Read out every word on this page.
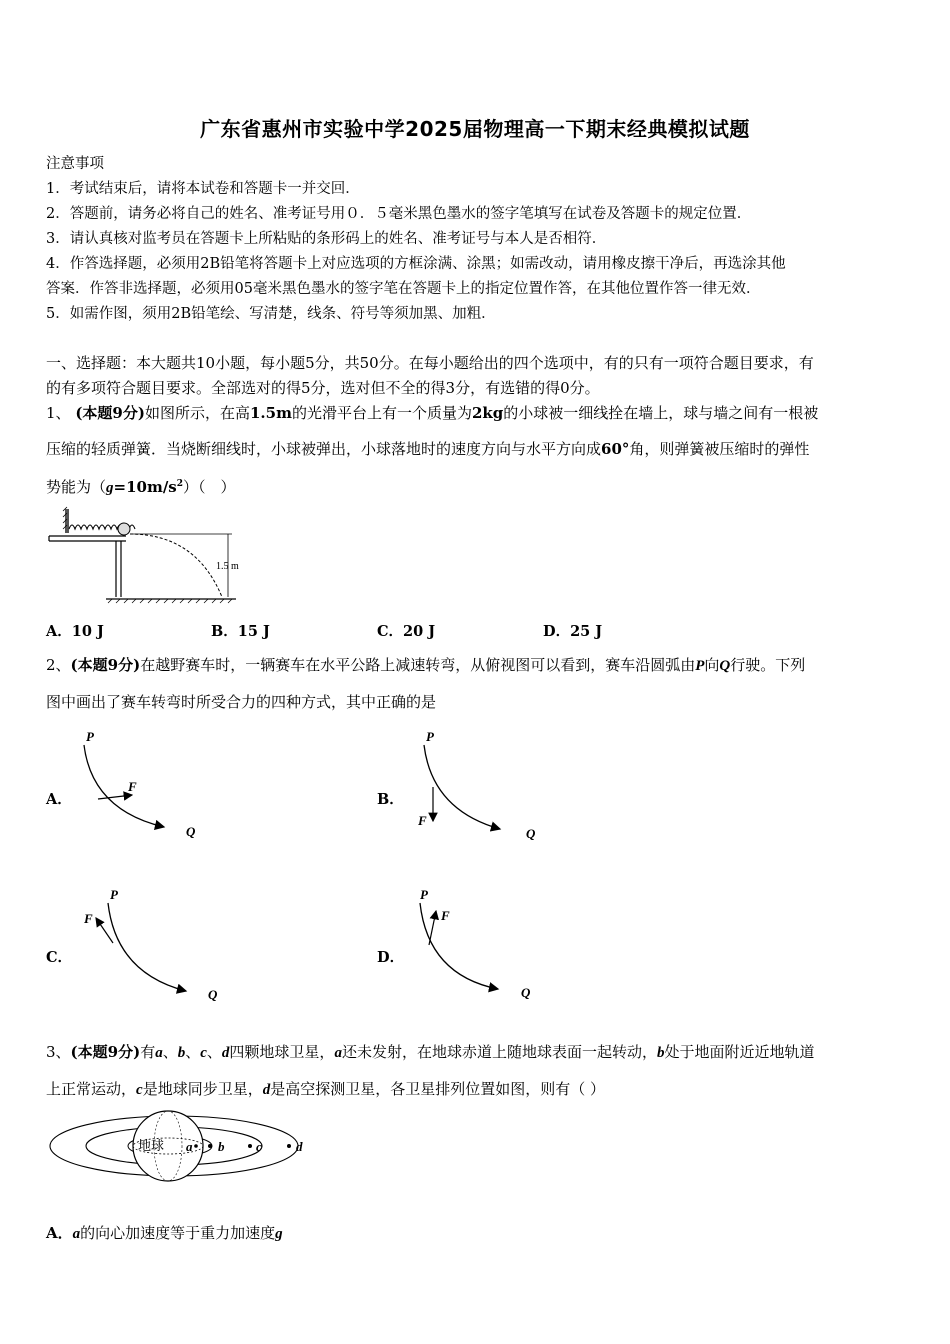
广东省惠州市实验中学2025届物理高一下期末经典模拟试题
注意事项
1．考试结束后，请将本试卷和答题卡一并交回．
2．答题前，请务必将自己的姓名、准考证号用０．５毫米黑色墨水的签字笔填写在试卷及答题卡的规定位置．
3．请认真核对监考员在答题卡上所粘贴的条形码上的姓名、准考证号与本人是否相符．
4．作答选择题，必须用2B铅笔将答题卡上对应选项的方框涂满、涂黑；如需改动，请用橡皮擦干净后，再选涂其他
答案．作答非选择题，必须用05毫米黑色墨水的签字笔在答题卡上的指定位置作答，在其他位置作答一律无效．
5．如需作图，须用2B铅笔绘、写清楚，线条、符号等须加黑、加粗．
一、选择题：本大题共10小题，每小题5分，共50分。在每小题给出的四个选项中，有的只有一项符合题目要求，有
的有多项符合题目要求。全部选对的得5分，选对但不全的得3分，有选错的得0分。
1、 (本题9分)如图所示，在高1.5m的光滑平台上有一个质量为2kg的小球被一细线拴在墙上，球与墙之间有一根被
压缩的轻质弹簧．当烧断细线时，小球被弹出，小球落地时的速度方向与水平方向成60°角，则弹簧被压缩时的弹性
势能为$(g=10m/s^2)$（　）
1.5 m
A．10 J	B．15 J	C．20 J	D．25 J
2、(本题9分)在越野赛车时，一辆赛车在水平公路上减速转弯，从俯视图可以看到，赛车沿圆弧由P向Q行驶。下列
图中画出了赛车转弯时所受合力的四种方式，其中正确的是
A．
P
F
Q
B．
P
F
Q
C．
P
F
Q
D．
P
F
Q
3、(本题9分)有a、b、c、d四颗地球卫星，a还未发射，在地球赤道上随地球表面一起转动，b处于地面附近近地轨道
上正常运动，c是地球同步卫星，d是高空探测卫星，各卫星排列位置如图，则有（ ）
地球 a b c	d
A．a的向心加速度等于重力加速度g
